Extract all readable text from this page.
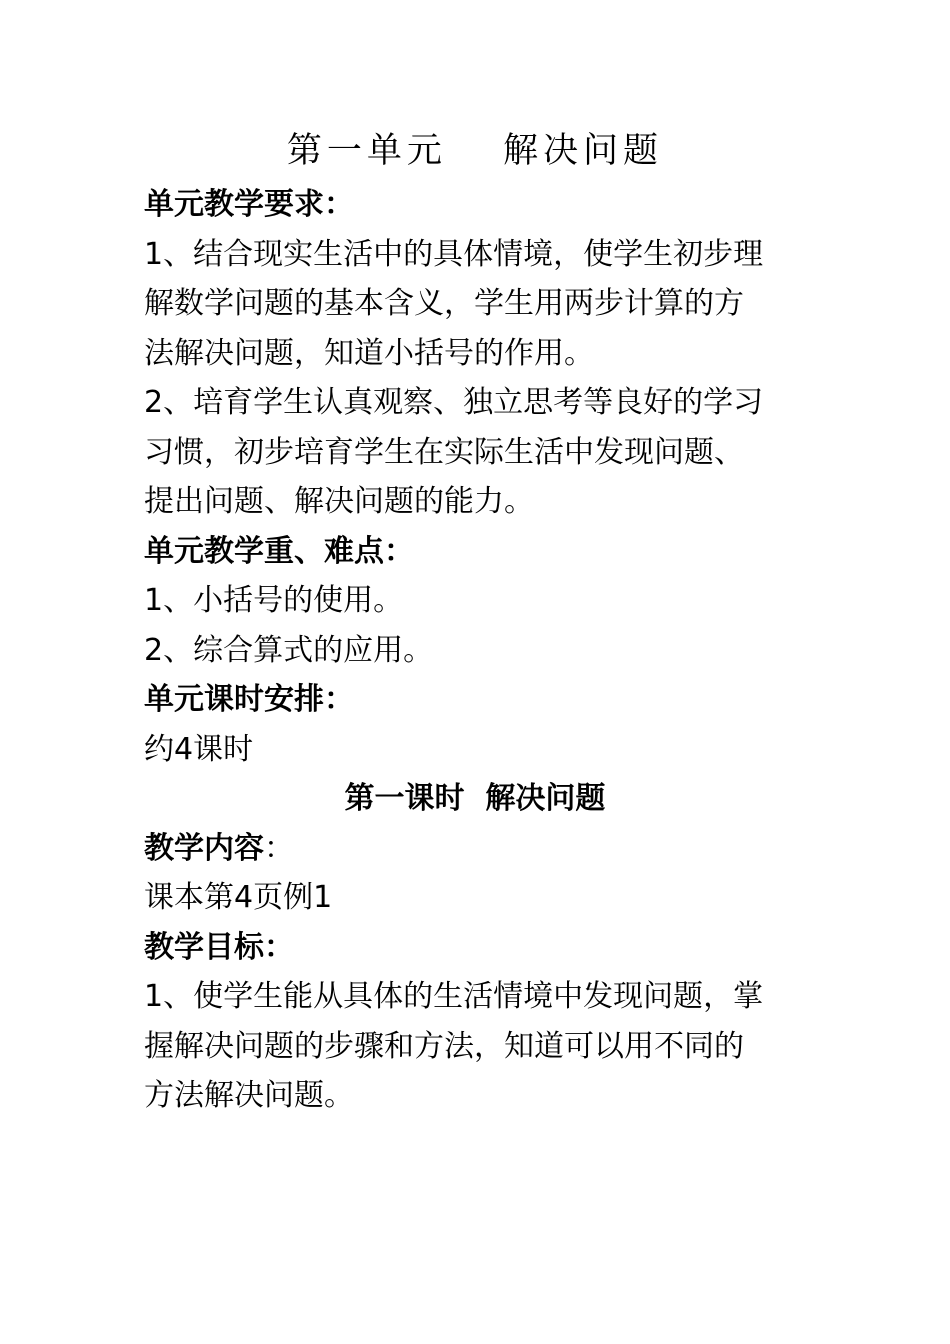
第一单元　 解决问题

单元教学要求：

1、结合现实生活中的具体情境，使学生初步理

解数学问题的基本含义，学生用两步计算的方

法解决问题，知道小括号的作用。

2、培育学生认真观察、独立思考等良好的学习

习惯，初步培育学生在实际生活中发现问题、

提出问题、解决问题的能力。

单元教学重、难点：

1、小括号的使用。

2、综合算式的应用。

单元课时安排：

约4课时

第一课时  解决问题

教学内容：

课本第4页例1

教学目标：

1、使学生能从具体的生活情境中发现问题，掌

握解决问题的步骤和方法，知道可以用不同的

方法解决问题。
